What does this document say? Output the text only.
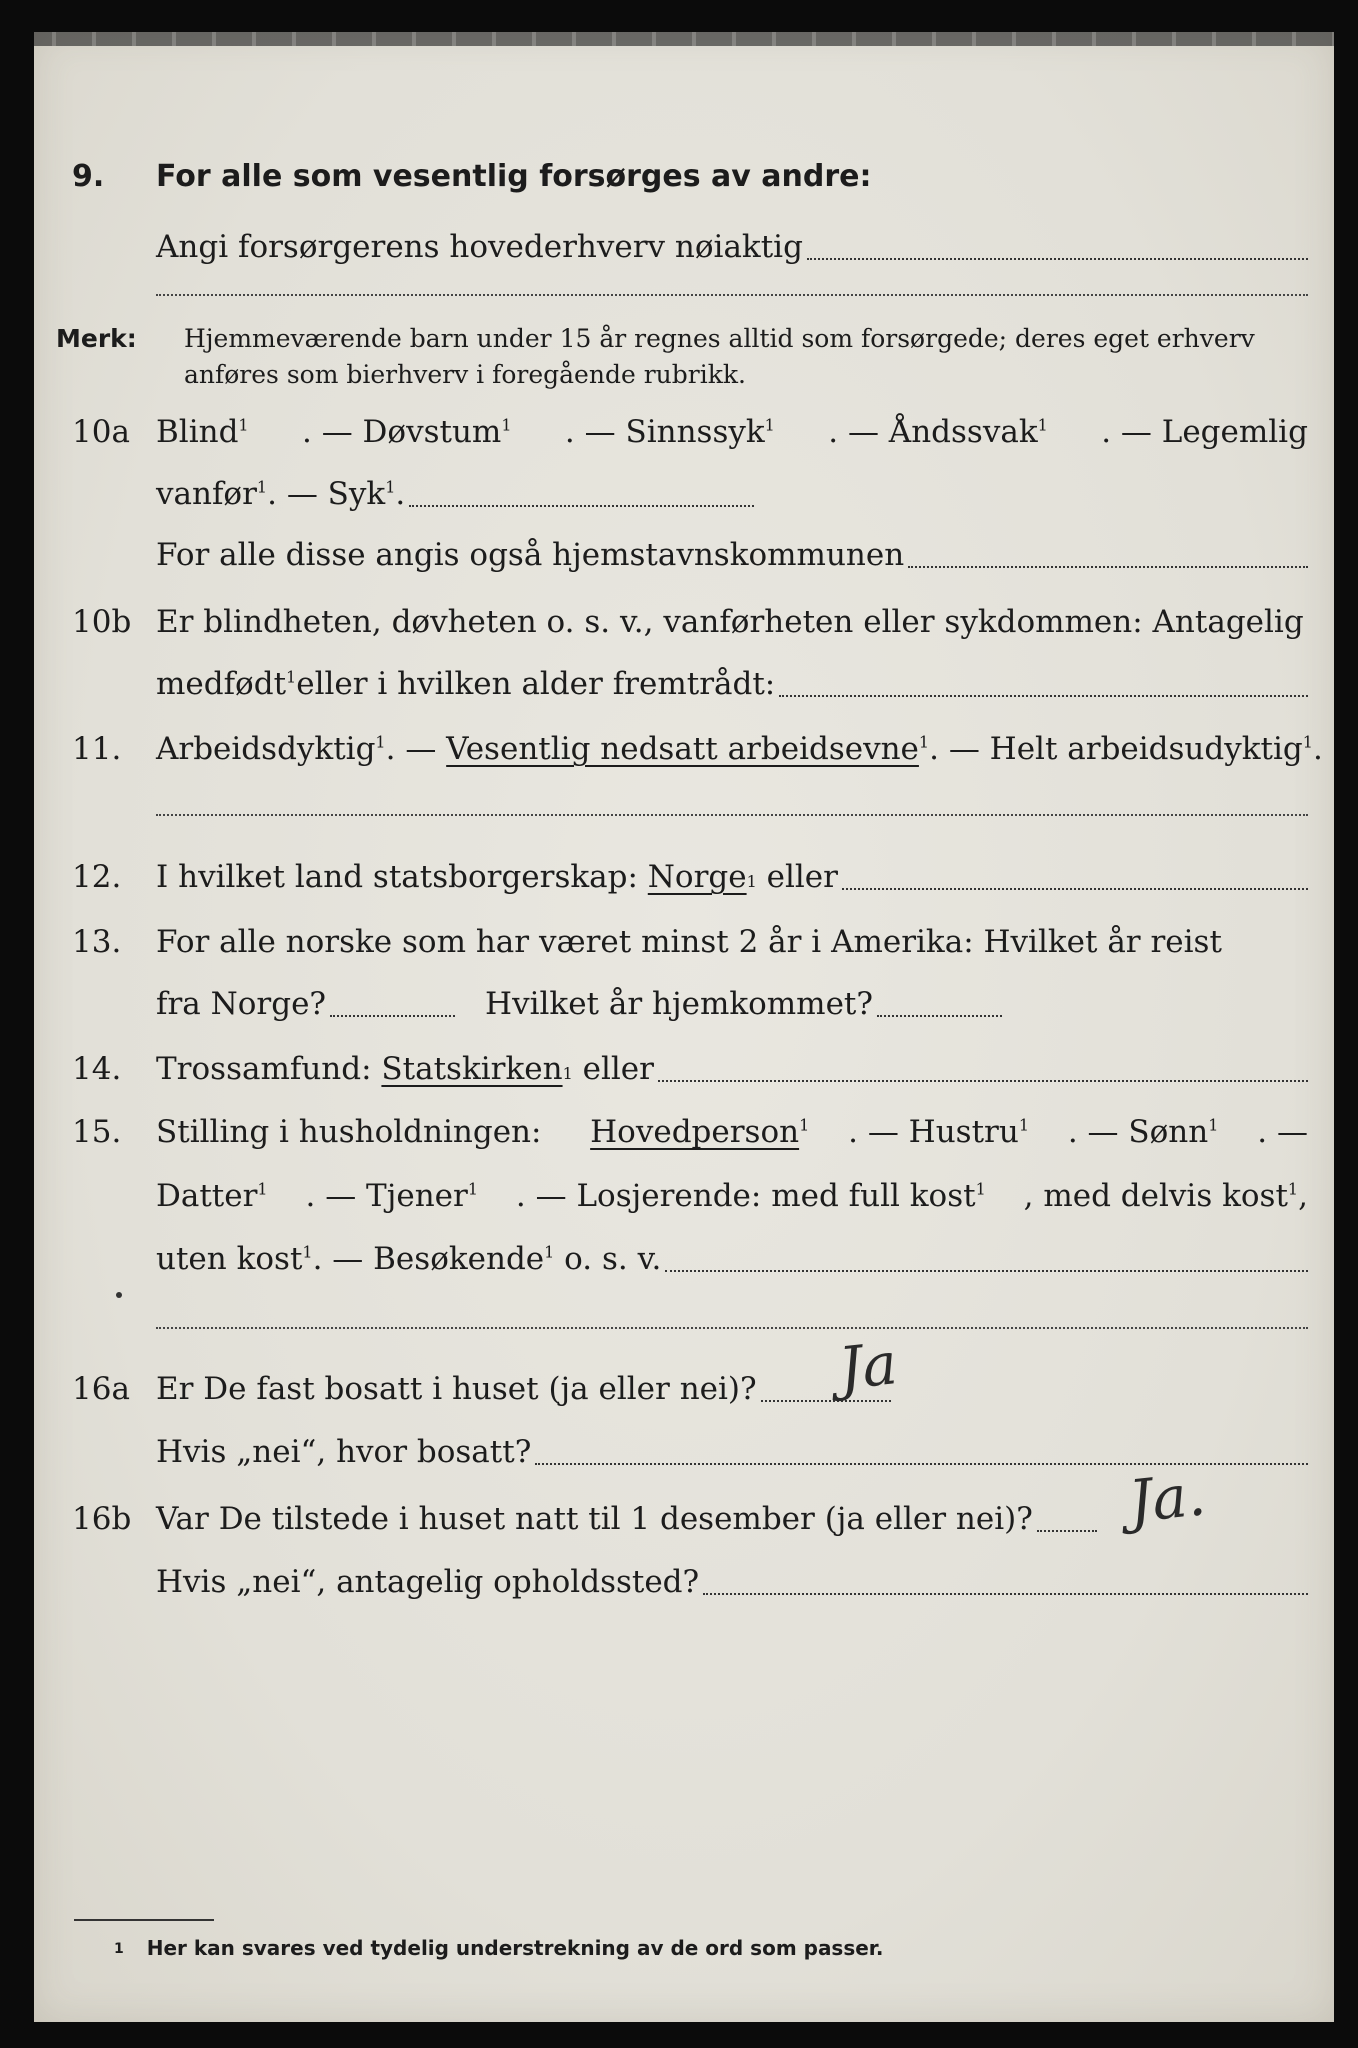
9. For alle som vesentlig forsørges av andre:
Angi forsørgerens hovederhverv nøiaktig
Merk: Hjemmeværende barn under 15 år regnes alltid som forsørgede; deres eget erhverv
anføres som bierhverv i foregående rubrikk.
10a Blind$^1$ . — Døvstum$^1$ . — Sinnssyk$^1$ . — Åndssvak$^1$ . — Legemlig
vanfør$^1$ . — Syk$^1$.
For alle disse angis også hjemstavnskommunen
10b Er blindheten, døvheten o. s. v., vanførheten eller sykdommen: Antagelig
medfødt$^1$ eller i hvilken alder fremtrådt:
11. Arbeidsdyktig$^1$ . — Vesentlig nedsatt arbeidsevne $^1$. — Helt arbeidsudyktig$^1$.
12. I hvilket land statsborgerskap: Norge 1 eller
13. For alle norske som har været minst 2 år i Amerika: Hvilket år reist
fra Norge?	Hvilket år hjemkommet?
14. Trossamfund: Statskirken 1 eller
15. Stilling i husholdningen: Hovedperson$^1$ . — Hustru$^1$ . — Sønn$^1$ . —
Datter$^1$ . — Tjener$^1$ . — Losjerende: med full kost$^1$ , med delvis kost$^1$,
uten kost$^1$ . — Besøkende$^1$ o. s. v.
16a Er De fast bosatt i huset (ja eller nei)? Ja
Hvis „nei“, hvor bosatt?
16b Var De tilstede i huset natt til 1 desember (ja eller nei)? Ja.
Hvis „nei“, antagelig opholdssted?
1 Her kan svares ved tydelig understrekning av de ord som passer.
